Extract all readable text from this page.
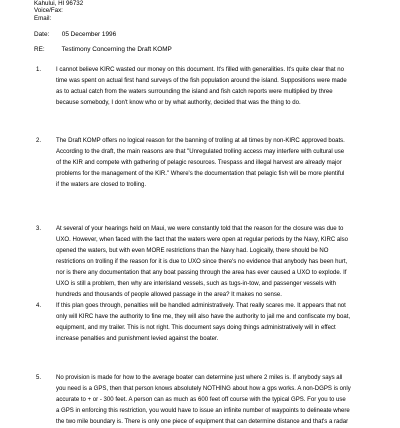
Kahului, HI 96732
Voice/Fax:
Email:
Date: 05 December 1996
RE:	Testimony Concerning the Draft KOMP
1. I cannot believe KIRC wasted our money on this document. It's filled with generalities. It's quite clear that no
time was spent on actual first hand surveys of the fish population around the island. Suppositions were made
as to actual catch from the waters surrounding the island and fish catch reports were multiplied by three
because somebody, I don't know who or by what authority, decided that was the thing to do.
2. The Draft KOMP offers no logical reason for the banning of trolling at all times by non-KIRC approved boats.
According to the draft, the main reasons are that "Unregulated trolling access may interfere with cultural use
of the KIR and compete with gathering of pelagic resources. Trespass and illegal harvest are already major
problems for the management of the KIR." Where's the documentation that pelagic fish will be more plentiful
if the waters are closed to trolling.
3. At several of your hearings held on Maui, we were constantly told that the reason for the closure was due to
UXO. However, when faced with the fact that the waters were open at regular periods by the Navy, KIRC also
opened the waters, but with even MORE restrictions than the Navy had. Logically, there should be NO
restrictions on trolling if the reason for it is due to UXO since there's no evidence that anybody has been hurt,
nor is there any documentation that any boat passing through the area has ever caused a UXO to explode. If
UXO is still a problem, then why are interisland vessels, such as tugs-in-tow, and passenger vessels with
hundreds and thousands of people allowed passage in the area? It makes no sense.
4. If this plan goes through, penalties will be handled administratively. That really scares me. It appears that not
only will KIRC have the authority to fine me, they will also have the authority to jail me and confiscate my boat,
equipment, and my trailer. This is not right. This document says doing things administratively will in effect
increase penalties and punishment levied against the boater.
5. No provision is made for how to the average boater can determine just where 2 miles is. If anybody says all
you need is a GPS, then that person knows absolutely NOTHING about how a gps works. A non-DGPS is only
accurate to + or - 300 feet. A person can as much as 600 feet off course with the typical GPS. For you to use
a GPS in enforcing this restriction, you would have to issue an infinite number of waypoints to delineate where
the two mile boundary is. There is only one piece of equipment that can determine distance and that's a radar
